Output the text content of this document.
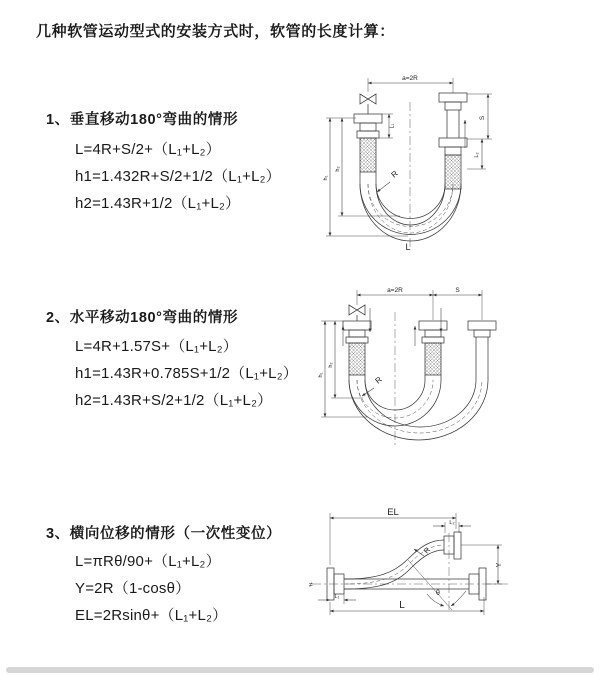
几种软管运动型式的安装方式时，软管的长度计算：
1、垂直移动180°弯曲的情形
L=4R+S/2+（L₁+L₂）
h1=1.432R+S/2+1/2（L₁+L₂）
h2=1.43R+1/2（L₁+L₂）
2、水平移动180°弯曲的情形
L=4R+1.57S+（L₁+L₂）
h1=1.43R+0.785S+1/2（L₁+L₂）
h2=1.43R+S/2+1/2（L₁+L₂）
3、横向位移的情形（一次性变位）
L=πRθ/90+（L₁+L₂）
Y=2R（1-cosθ）
EL=2Rsinθ+（L₁+L₂）
a=2R
S
L₂
h₁
h₂
L₁
R
L
a=2R	S
h₁
h₂
R
≠
EL
L₂
θ
R
Y
L
L₁
